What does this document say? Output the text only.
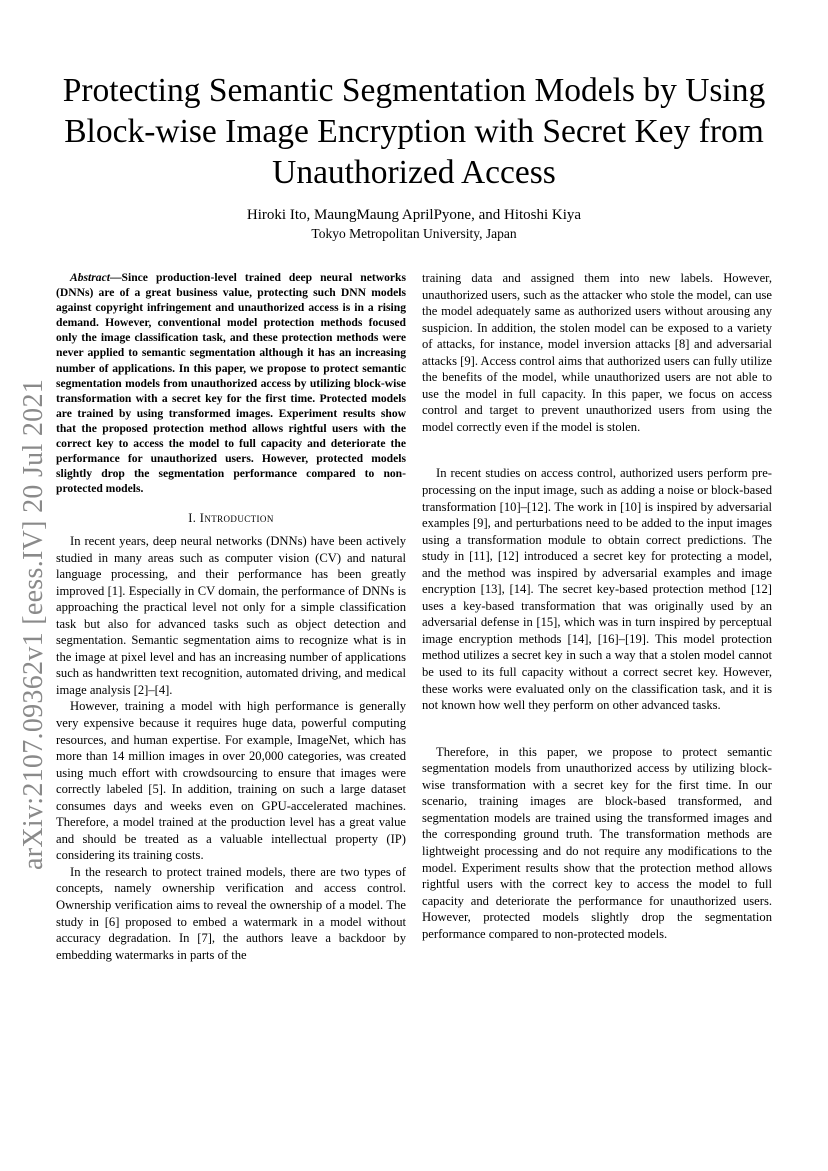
arXiv:2107.09362v1 [eess.IV] 20 Jul 2021
Protecting Semantic Segmentation Models by Using Block-wise Image Encryption with Secret Key from Unauthorized Access
Hiroki Ito, MaungMaung AprilPyone, and Hitoshi Kiya
Tokyo Metropolitan University, Japan

Abstract—Since production-level trained deep neural networks (DNNs) are of a great business value, protecting such DNN models against copyright infringement and unauthorized access is in a rising demand. However, conventional model protection methods focused only the image classification task, and these protection methods were never applied to semantic segmentation although it has an increasing number of applications. In this paper, we propose to protect semantic segmentation models from unauthorized access by utilizing block-wise transformation with a secret key for the first time. Protected models are trained by using transformed images. Experiment results show that the proposed protection method allows rightful users with the correct key to access the model to full capacity and deteriorate the performance for unauthorized users. However, protected models slightly drop the segmentation performance compared to non-protected models.

I. Introduction

In recent years, deep neural networks (DNNs) have been actively studied in many areas such as computer vision (CV) and natural language processing, and their performance has been greatly improved [1]. Especially in CV domain, the performance of DNNs is approaching the practical level not only for a simple classification task but also for advanced tasks such as object detection and segmentation. Semantic segmentation aims to recognize what is in the image at pixel level and has an increasing number of applications such as handwritten text recognition, automated driving, and medical image analysis [2]–[4].

However, training a model with high performance is generally very expensive because it requires huge data, powerful computing resources, and human expertise. For example, ImageNet, which has more than 14 million images in over 20,000 categories, was created using much effort with crowdsourcing to ensure that images were correctly labeled [5]. In addition, training on such a large dataset consumes days and weeks even on GPU-accelerated machines. Therefore, a model trained at the production level has a great value and should be treated as a valuable intellectual property (IP) considering its training costs.

In the research to protect trained models, there are two types of concepts, namely ownership verification and access control. Ownership verification aims to reveal the ownership of a model. The study in [6] proposed to embed a watermark in a model without accuracy degradation. In [7], the authors leave a backdoor by embedding watermarks in parts of the

training data and assigned them into new labels. However, unauthorized users, such as the attacker who stole the model, can use the model adequately same as authorized users without arousing any suspicion. In addition, the stolen model can be exposed to a variety of attacks, for instance, model inversion attacks [8] and adversarial attacks [9]. Access control aims that authorized users can fully utilize the benefits of the model, while unauthorized users are not able to use the model in full capacity. In this paper, we focus on access control and target to prevent unauthorized users from using the model correctly even if the model is stolen.

In recent studies on access control, authorized users perform pre-processing on the input image, such as adding a noise or block-based transformation [10]–[12]. The work in [10] is inspired by adversarial examples [9], and perturbations need to be added to the input images using a transformation module to obtain correct predictions. The study in [11], [12] introduced a secret key for protecting a model, and the method was inspired by adversarial examples and image encryption [13], [14]. The secret key-based protection method [12] uses a key-based transformation that was originally used by an adversarial defense in [15], which was in turn inspired by perceptual image encryption methods [14], [16]–[19]. This model protection method utilizes a secret key in such a way that a stolen model cannot be used to its full capacity without a correct secret key. However, these works were evaluated only on the classification task, and it is not known how well they perform on other advanced tasks.

Therefore, in this paper, we propose to protect semantic segmentation models from unauthorized access by utilizing block-wise transformation with a secret key for the first time. In our scenario, training images are block-based transformed, and segmentation models are trained using the transformed images and the corresponding ground truth. The transformation methods are lightweight processing and do not require any modifications to the model. Experiment results show that the protection method allows rightful users with the correct key to access the model to full capacity and deteriorate the performance for unauthorized users. However, protected models slightly drop the segmentation performance compared to non-protected models.
